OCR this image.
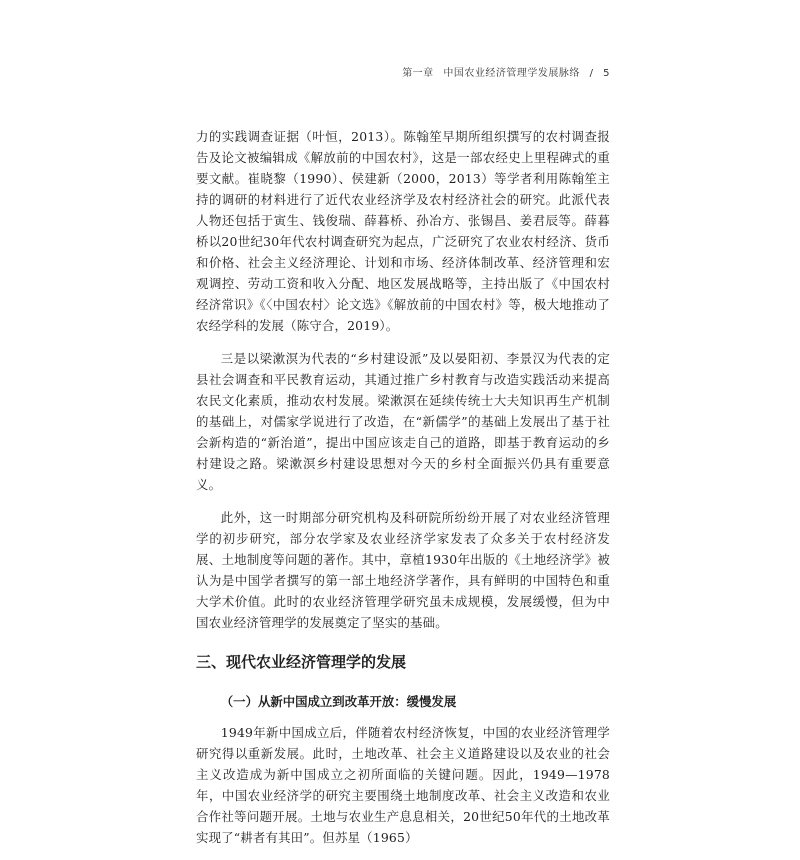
第一章 中国农业经济管理学发展脉络 / 5

力的实践调查证据（叶恒，2013）。陈翰笙早期所组织撰写的农村调查报告及论文被编辑成《解放前的中国农村》，这是一部农经史上里程碑式的重要文献。崔晓黎（1990）、侯建新（2000，2013）等学者利用陈翰笙主持的调研的材料进行了近代农业经济学及农村经济社会的研究。此派代表人物还包括于寅生、钱俊瑞、薛暮桥、孙冶方、张锡昌、姜君辰等。薛暮桥以20世纪30年代农村调查研究为起点，广泛研究了农业农村经济、货币和价格、社会主义经济理论、计划和市场、经济体制改革、经济管理和宏观调控、劳动工资和收入分配、地区发展战略等，主持出版了《中国农村经济常识》《〈中国农村〉论文选》《解放前的中国农村》等，极大地推动了农经学科的发展（陈守合，2019）。

三是以梁漱溟为代表的“乡村建设派”及以晏阳初、李景汉为代表的定县社会调查和平民教育运动，其通过推广乡村教育与改造实践活动来提高农民文化素质，推动农村发展。梁漱溟在延续传统士大夫知识再生产机制的基础上，对儒家学说进行了改造，在“新儒学”的基础上发展出了基于社会新构造的“新治道”，提出中国应该走自己的道路，即基于教育运动的乡村建设之路。梁漱溟乡村建设思想对今天的乡村全面振兴仍具有重要意义。

此外，这一时期部分研究机构及科研院所纷纷开展了对农业经济管理学的初步研究，部分农学家及农业经济学家发表了众多关于农村经济发展、土地制度等问题的著作。其中，章植1930年出版的《土地经济学》被认为是中国学者撰写的第一部土地经济学著作，具有鲜明的中国特色和重大学术价值。此时的农业经济管理学研究虽未成规模，发展缓慢，但为中国农业经济管理学的发展奠定了坚实的基础。

三、现代农业经济管理学的发展
（一）从新中国成立到改革开放：缓慢发展

1949年新中国成立后，伴随着农村经济恢复，中国的农业经济管理学研究得以重新发展。此时，土地改革、社会主义道路建设以及农业的社会主义改造成为新中国成立之初所面临的关键问题。因此，1949—1978年，中国农业经济学的研究主要围绕土地制度改革、社会主义改造和农业合作社等问题开展。土地与农业生产息息相关，20世纪50年代的土地改革实现了“耕者有其田”。但苏星（1965）
